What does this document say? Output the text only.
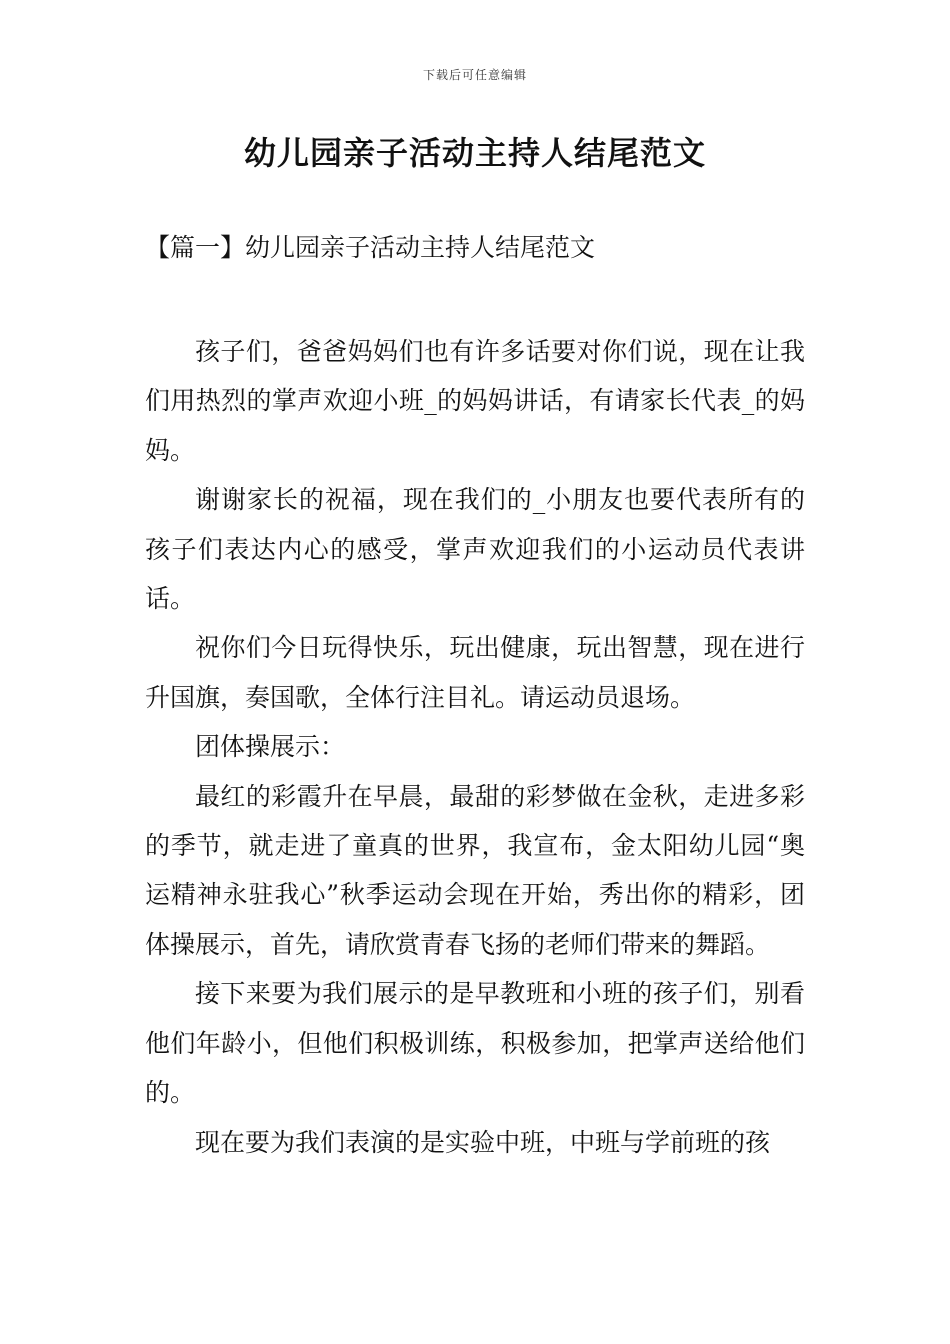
下载后可任意编辑
幼儿园亲子活动主持人结尾范文
【篇一】幼儿园亲子活动主持人结尾范文

孩子们，爸爸妈妈们也有许多话要对你们说，现在让我们用热烈的掌声欢迎小班_的妈妈讲话，有请家长代表_的妈妈。

谢谢家长的祝福，现在我们的_小朋友也要代表所有的孩子们表达内心的感受，掌声欢迎我们的小运动员代表讲话。

祝你们今日玩得快乐，玩出健康，玩出智慧，现在进行升国旗，奏国歌，全体行注目礼。请运动员退场。

团体操展示：

最红的彩霞升在早晨，最甜的彩梦做在金秋，走进多彩的季节，就走进了童真的世界，我宣布，金太阳幼儿园“奥运精神永驻我心”秋季运动会现在开始，秀出你的精彩，团体操展示，首先，请欣赏青春飞扬的老师们带来的舞蹈。

接下来要为我们展示的是早教班和小班的孩子们，别看他们年龄小，但他们积极训练，积极参加，把掌声送给他们的。

现在要为我们表演的是实验中班，中班与学前班的孩
